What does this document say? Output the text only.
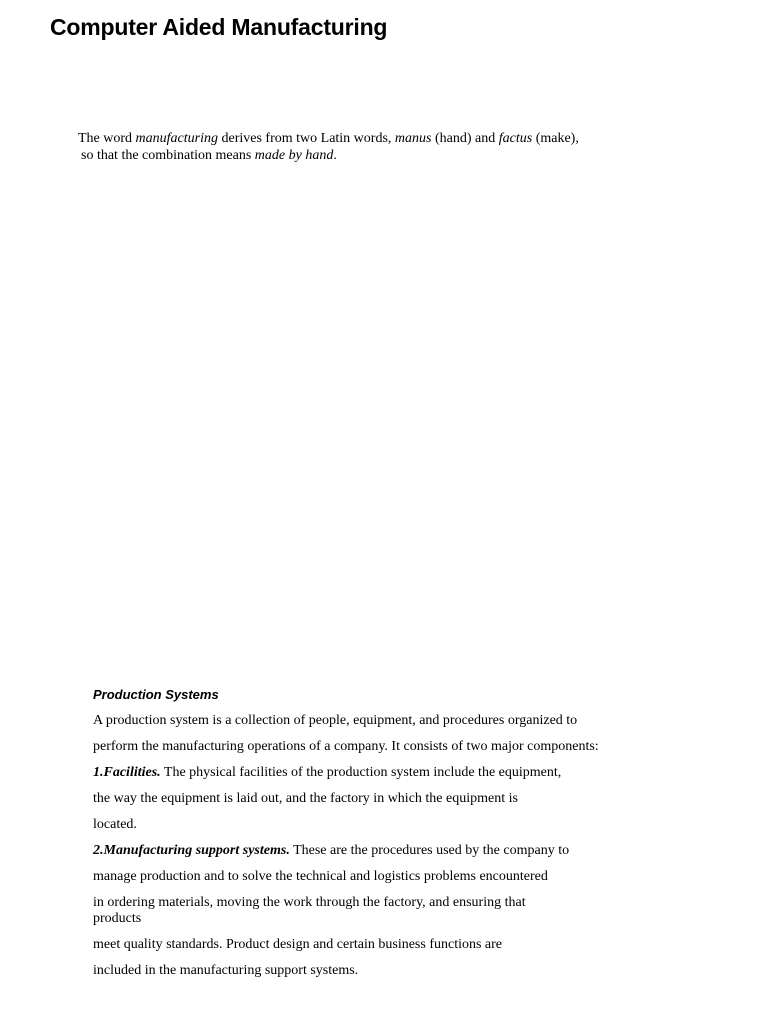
Computer Aided Manufacturing
The word manufacturing derives from two Latin words, manus (hand) and factus (make),
so that the combination means made by hand.
Production Systems
A production system is a collection of people, equipment, and procedures organized to
perform the manufacturing operations of a company. It consists of two major components:
1.Facilities. The physical facilities of the production system include the equipment,
the way the equipment is laid out, and the factory in which the equipment is
located.
2.Manufacturing support systems. These are the procedures used by the company to
manage production and to solve the technical and logistics problems encountered
in ordering materials, moving the work through the factory, and ensuring that
products
meet quality standards. Product design and certain business functions are
included in the manufacturing support systems.
